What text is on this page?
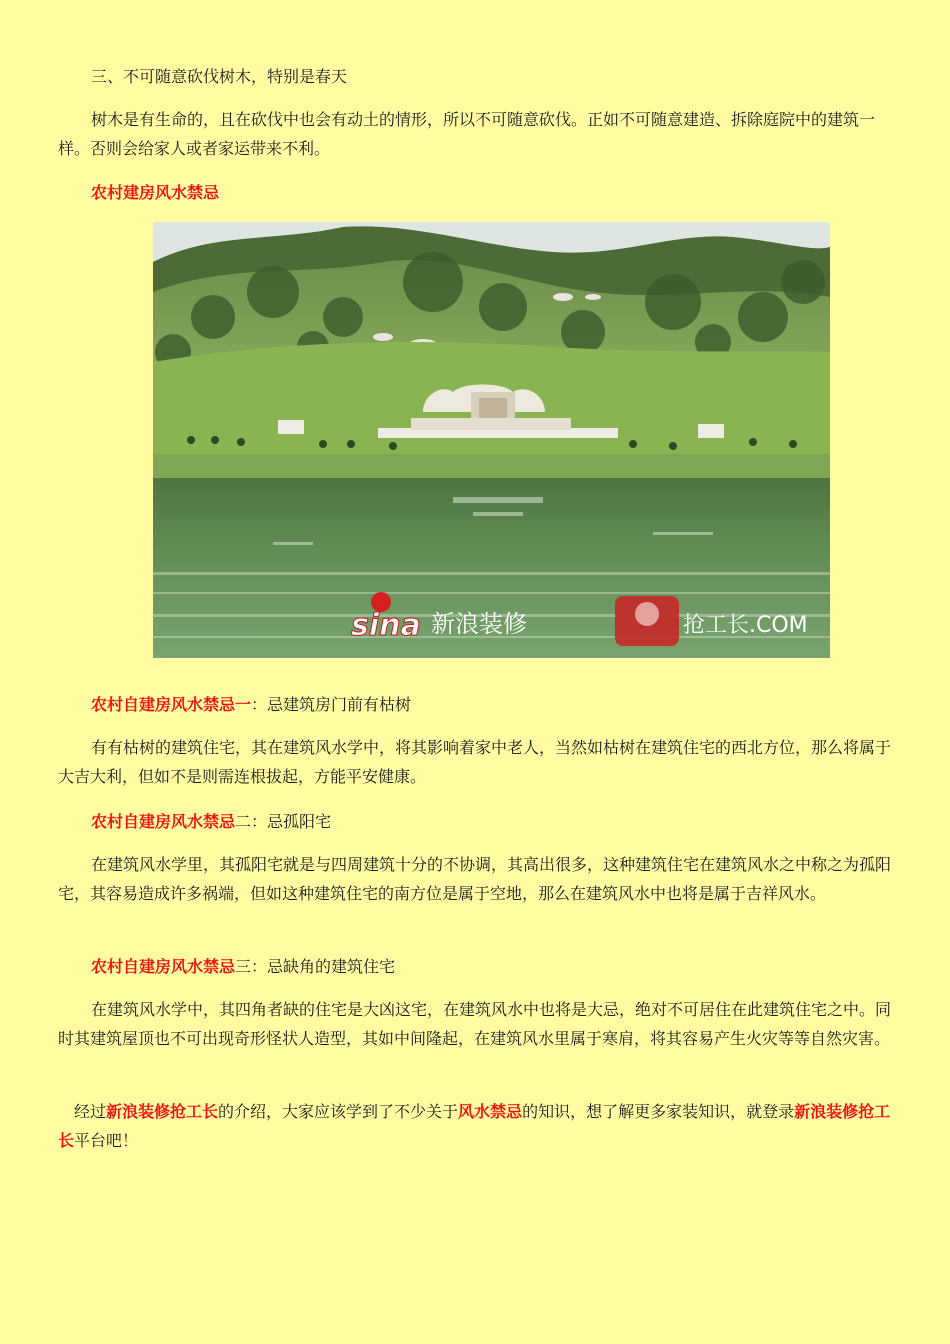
三、不可随意砍伐树木，特别是春天

树木是有生命的，且在砍伐中也会有动土的情形，所以不可随意砍伐。正如不可随意建造、拆除庭院中的建筑一样。否则会给家人或者家运带来不利。

农村建房风水禁忌

sina 新浪装修	抢工长.COM

农村自建房风水禁忌一：忌建筑房门前有枯树

有有枯树的建筑住宅，其在建筑风水学中，将其影响着家中老人，当然如枯树在建筑住宅的西北方位，那么将属于大吉大利，但如不是则需连根拔起，方能平安健康。

农村自建房风水禁忌二：忌孤阳宅

在建筑风水学里，其孤阳宅就是与四周建筑十分的不协调，其高出很多，这种建筑住宅在建筑风水之中称之为孤阳宅，其容易造成许多祸端，但如这种建筑住宅的南方位是属于空地，那么在建筑风水中也将是属于吉祥风水。

农村自建房风水禁忌三：忌缺角的建筑住宅

在建筑风水学中，其四角者缺的住宅是大凶这宅，在建筑风水中也将是大忌，绝对不可居住在此建筑住宅之中。同时其建筑屋顶也不可出现奇形怪状人造型，其如中间隆起，在建筑风水里属于寒肩，将其容易产生火灾等等自然灾害。

经过新浪装修抢工长的介绍，大家应该学到了不少关于风水禁忌的知识，想了解更多家装知识，就登录新浪装修抢工长平台吧！
